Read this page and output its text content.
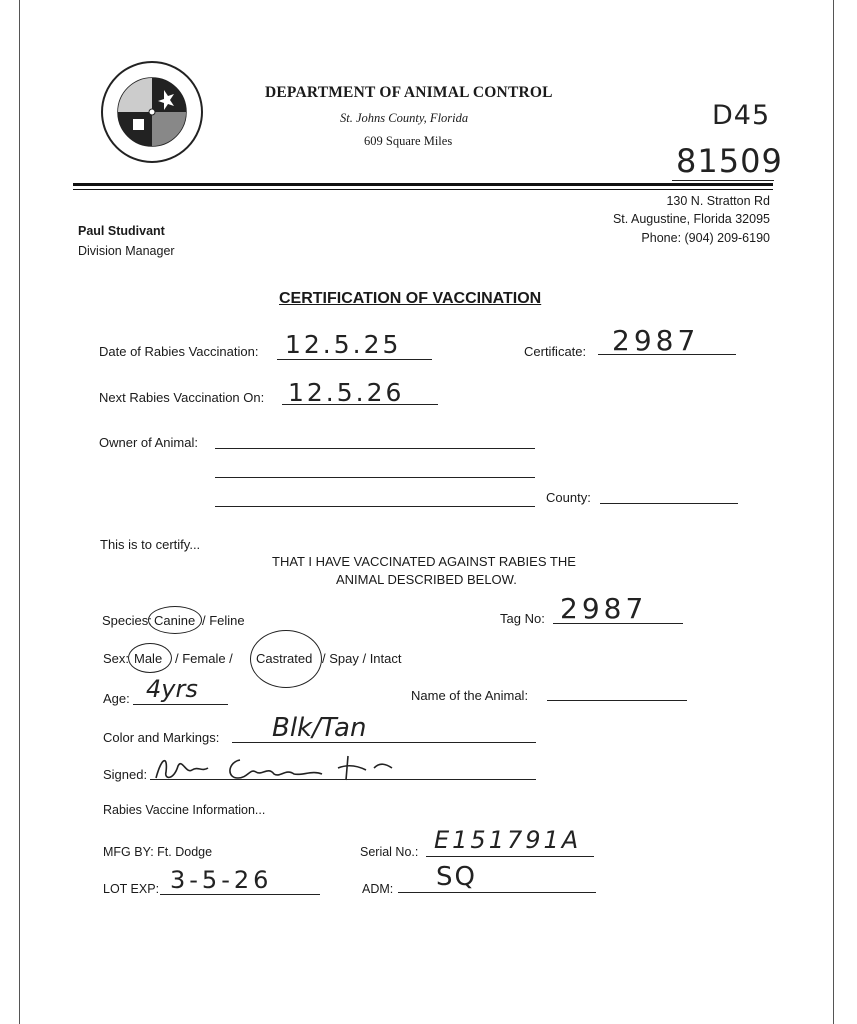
DEPARTMENT OF ANIMAL CONTROL
St. Johns County, Florida
609 Square Miles
D45
81509
Paul Studivant
Division Manager
130 N. Stratton Rd
St. Augustine, Florida 32095
Phone: (904) 209-6190
CERTIFICATION OF VACCINATION
Date of Rabies Vaccination: 12.5.25	Certificate: 2987
Next Rabies Vaccination On: 12.5.26
Owner of Animal:
County:
This is to certify...
THAT I HAVE VACCINATED AGAINST RABIES THE
ANIMAL DESCRIBED BELOW.
Species: Canine / Feline	Tag No: 2987
Sex: Male / Female / Castrated / Spay / Intact
Age: 4yrs	Name of the Animal:
Color and Markings: Blk/Tan
Signed:
Rabies Vaccine Information...
MFG BY: Ft. Dodge	Serial No.: E151791A
LOT EXP: 3-5-26	ADM: SQ
